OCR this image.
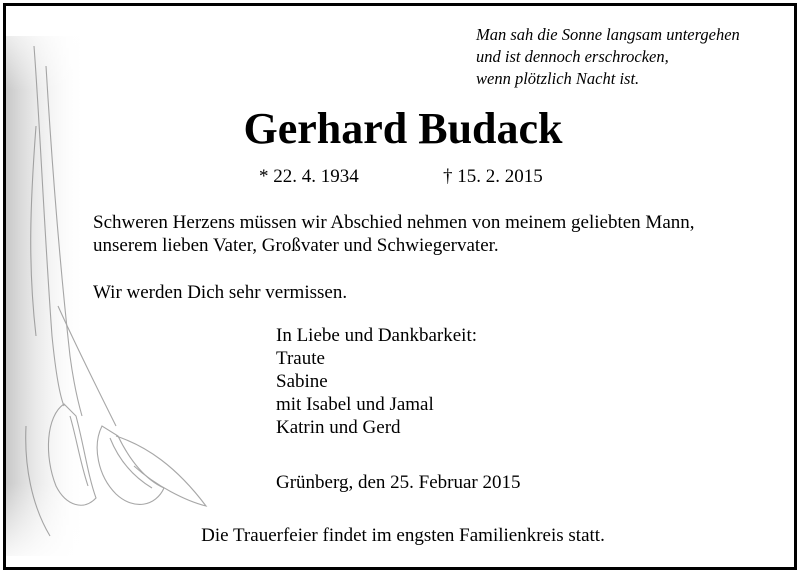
Man sah die Sonne langsam untergehen
und ist dennoch erschrocken,
wenn plötzlich Nacht ist.
Gerhard Budack
* 22. 4. 1934	† 15. 2. 2015
Schweren Herzens müssen wir Abschied nehmen von meinem geliebten Mann,
unserem lieben Vater, Großvater und Schwiegervater.
Wir werden Dich sehr vermissen.
In Liebe und Dankbarkeit:
Traute
Sabine
mit Isabel und Jamal
Katrin und Gerd
Grünberg, den 25. Februar 2015
Die Trauerfeier findet im engsten Familienkreis statt.
